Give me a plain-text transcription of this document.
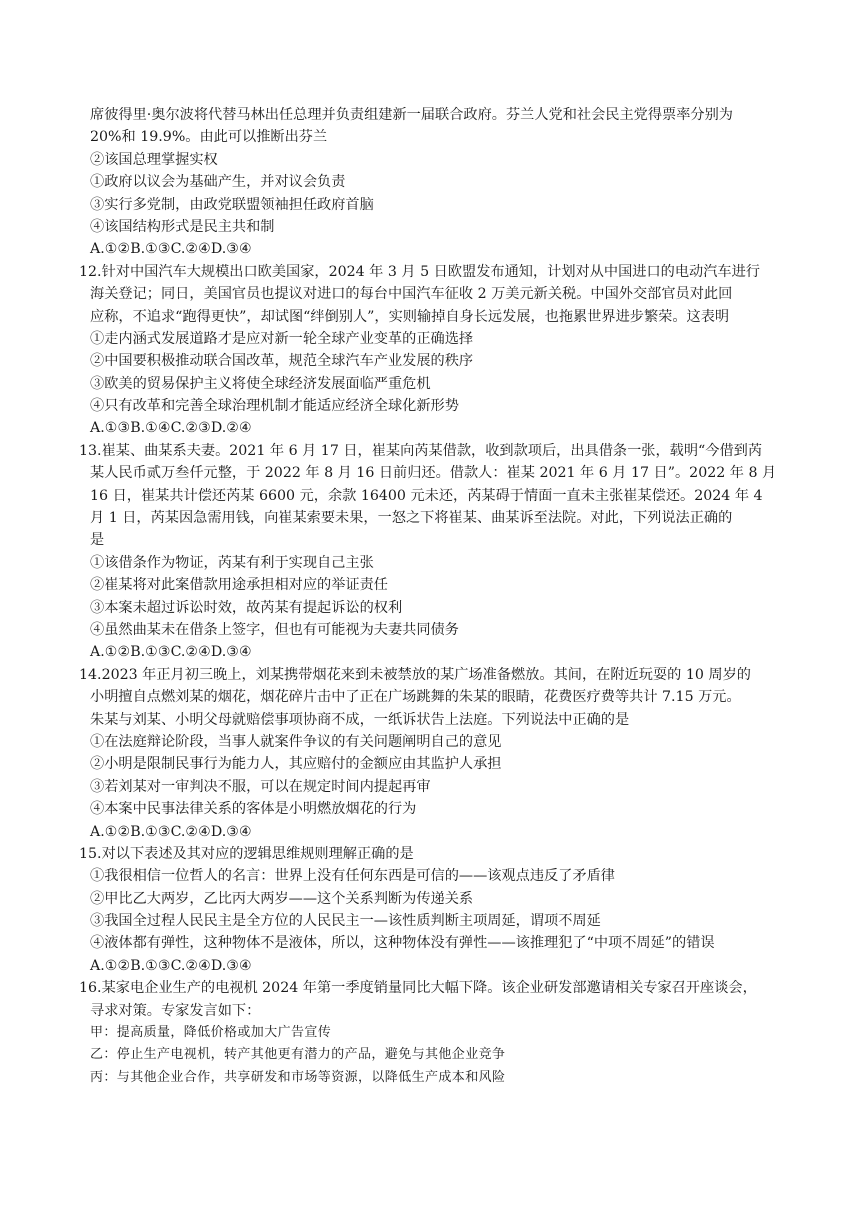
席彼得里·奥尔波将代替马林出任总理并负责组建新一届联合政府。芬兰人党和社会民主党得票率分别为
20%和 19.9%。由此可以推断出芬兰
②该国总理掌握实权
①政府以议会为基础产生，并对议会负责
③实行多党制，由政党联盟领袖担任政府首脑
④该国结构形式是民主共和制
A.①②B.①③C.②④D.③④
12.针对中国汽车大规模出口欧美国家，2024 年 3 月 5 日欧盟发布通知，计划对从中国进口的电动汽车进行
海关登记；同日，美国官员也提议对进口的每台中国汽车征收 2 万美元新关税。中国外交部官员对此回
应称，不追求“跑得更快”，却试图“绊倒别人”，实则输掉自身长远发展，也拖累世界进步繁荣。这表明
①走内涵式发展道路才是应对新一轮全球产业变革的正确选择
②中国要积极推动联合国改革，规范全球汽车产业发展的秩序
③欧美的贸易保护主义将使全球经济发展面临严重危机
④只有改革和完善全球治理机制才能适应经济全球化新形势
A.①③B.①④C.②③D.②④
13.崔某、曲某系夫妻。2021 年 6 月 17 日，崔某向芮某借款，收到款项后，出具借条一张，载明“今借到芮
某人民币贰万叁仟元整，于 2022 年 8 月 16 日前归还。借款人：崔某 2021 年 6 月 17 日”。2022 年 8 月
16 日，崔某共计偿还芮某 6600 元，余款 16400 元未还，芮某碍于情面一直未主张崔某偿还。2024 年 4
月 1 日，芮某因急需用钱，向崔某索要未果，一怒之下将崔某、曲某诉至法院。对此，下列说法正确的
是
①该借条作为物证，芮某有利于实现自己主张
②崔某将对此案借款用途承担相对应的举证责任
③本案未超过诉讼时效，故芮某有提起诉讼的权利
④虽然曲某未在借条上签字，但也有可能视为夫妻共同债务
A.①②B.①③C.②④D.③④
14.2023 年正月初三晚上，刘某携带烟花来到未被禁放的某广场准备燃放。其间，在附近玩耍的 10 周岁的
小明擅自点燃刘某的烟花，烟花碎片击中了正在广场跳舞的朱某的眼睛，花费医疗费等共计 7.15 万元。
朱某与刘某、小明父母就赔偿事项协商不成，一纸诉状告上法庭。下列说法中正确的是
①在法庭辩论阶段，当事人就案件争议的有关问题阐明自己的意见
②小明是限制民事行为能力人，其应赔付的金额应由其监护人承担
③若刘某对一审判决不服，可以在规定时间内提起再审
④本案中民事法律关系的客体是小明燃放烟花的行为
A.①②B.①③C.②④D.③④
15.对以下表述及其对应的逻辑思维规则理解正确的是
①我很相信一位哲人的名言：世界上没有任何东西是可信的——该观点违反了矛盾律
②甲比乙大两岁，乙比丙大两岁——这个关系判断为传递关系
③我国全过程人民民主是全方位的人民民主一—该性质判断主项周延，谓项不周延
④液体都有弹性，这种物体不是液体，所以，这种物体没有弹性——该推理犯了“中项不周延”的错误
A.①②B.①③C.②④D.③④
16.某家电企业生产的电视机 2024 年第一季度销量同比大幅下降。该企业研发部邀请相关专家召开座谈会，
寻求对策。专家发言如下：
甲：提高质量，降低价格或加大广告宣传
乙：停止生产电视机，转产其他更有潜力的产品，避免与其他企业竞争
丙：与其他企业合作，共享研发和市场等资源，以降低生产成本和风险
